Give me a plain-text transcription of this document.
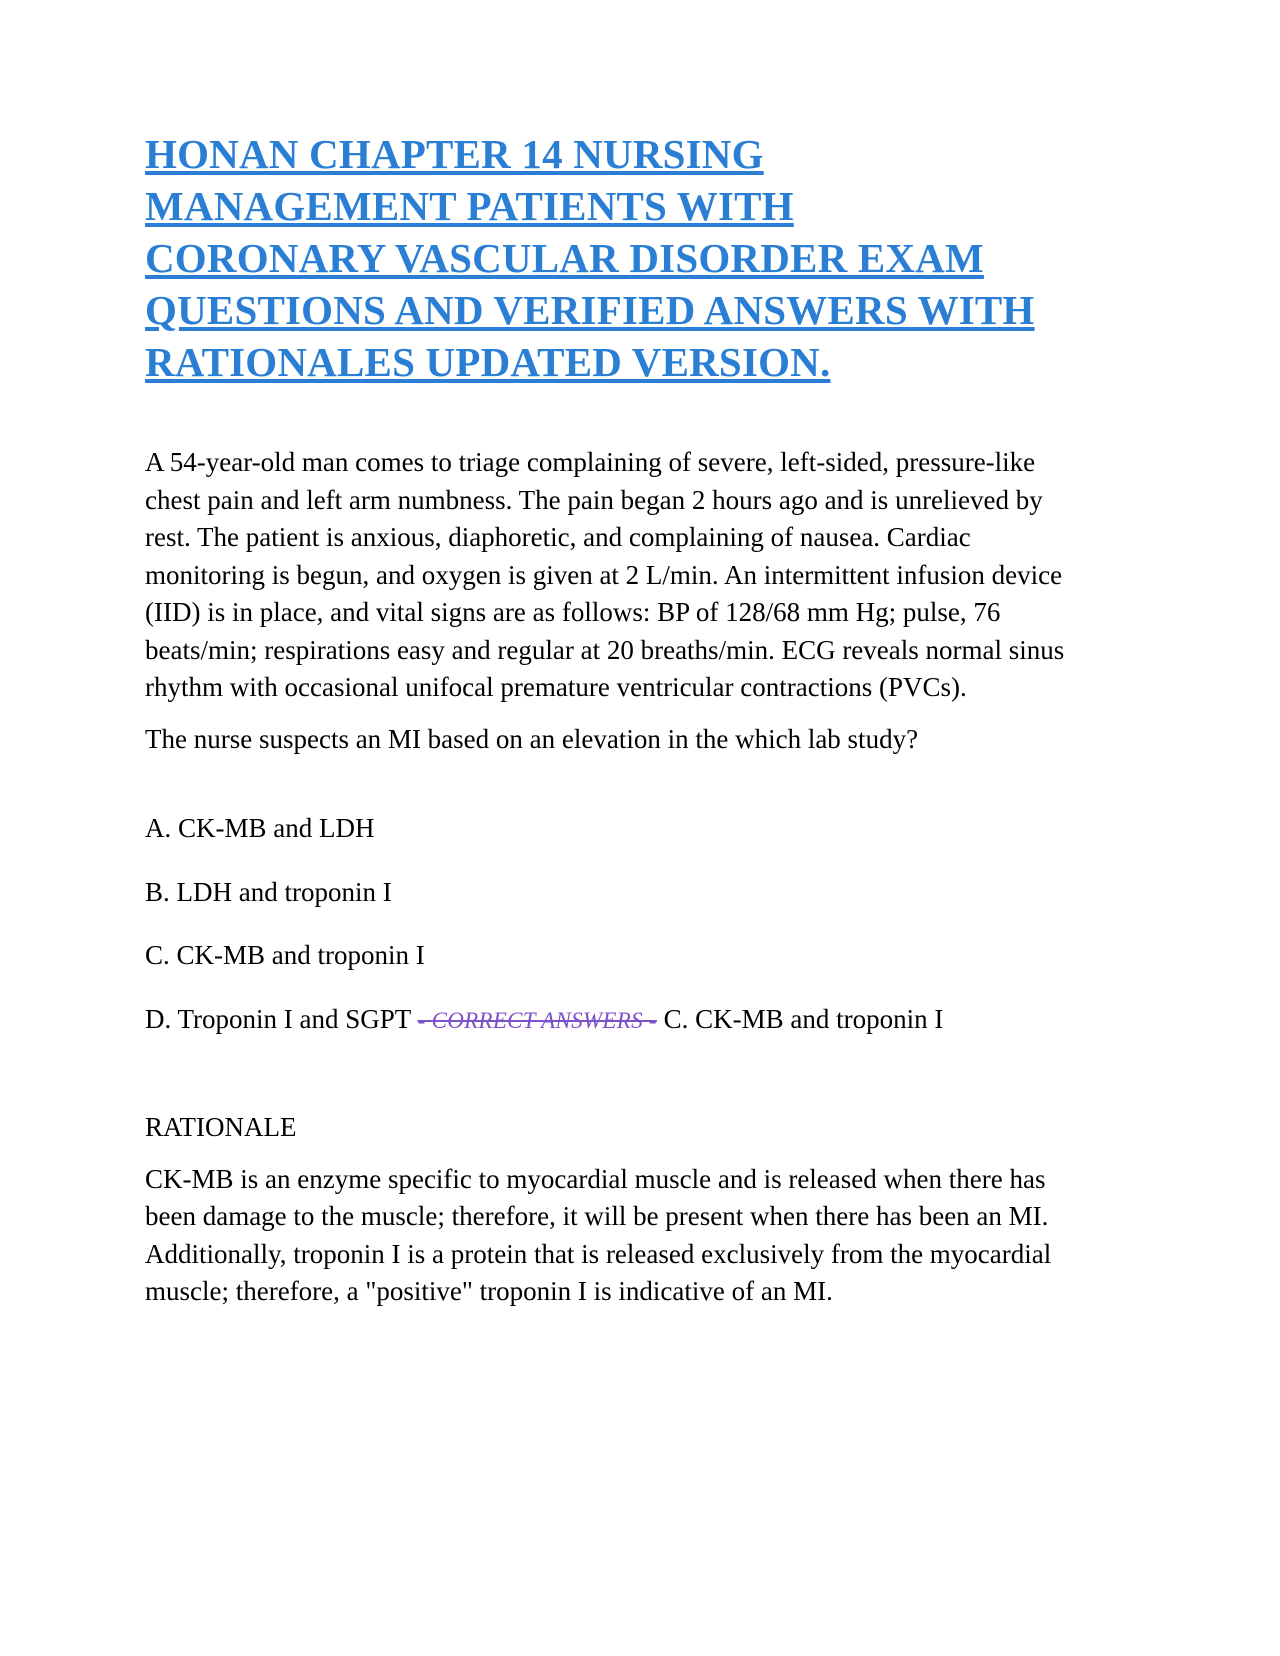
HONAN CHAPTER 14 NURSING MANAGEMENT PATIENTS WITH CORONARY VASCULAR DISORDER EXAM QUESTIONS AND VERIFIED ANSWERS WITH RATIONALES UPDATED VERSION.

A 54-year-old man comes to triage complaining of severe, left-sided, pressure-like chest pain and left arm numbness. The pain began 2 hours ago and is unrelieved by rest. The patient is anxious, diaphoretic, and complaining of nausea. Cardiac monitoring is begun, and oxygen is given at 2 L/min. An intermittent infusion device (IID) is in place, and vital signs are as follows: BP of 128/68 mm Hg; pulse, 76 beats/min; respirations easy and regular at 20 breaths/min. ECG reveals normal sinus rhythm with occasional unifocal premature ventricular contractions (PVCs).

The nurse suspects an MI based on an elevation in the which lab study?

A. CK-MB and LDH

B. LDH and troponin I

C. CK-MB and troponin I

D. Troponin I and SGPT - CORRECT ANSWERS - C. CK-MB and troponin I

RATIONALE

CK-MB is an enzyme specific to myocardial muscle and is released when there has been damage to the muscle; therefore, it will be present when there has been an MI. Additionally, troponin I is a protein that is released exclusively from the myocardial muscle; therefore, a "positive" troponin I is indicative of an MI.
